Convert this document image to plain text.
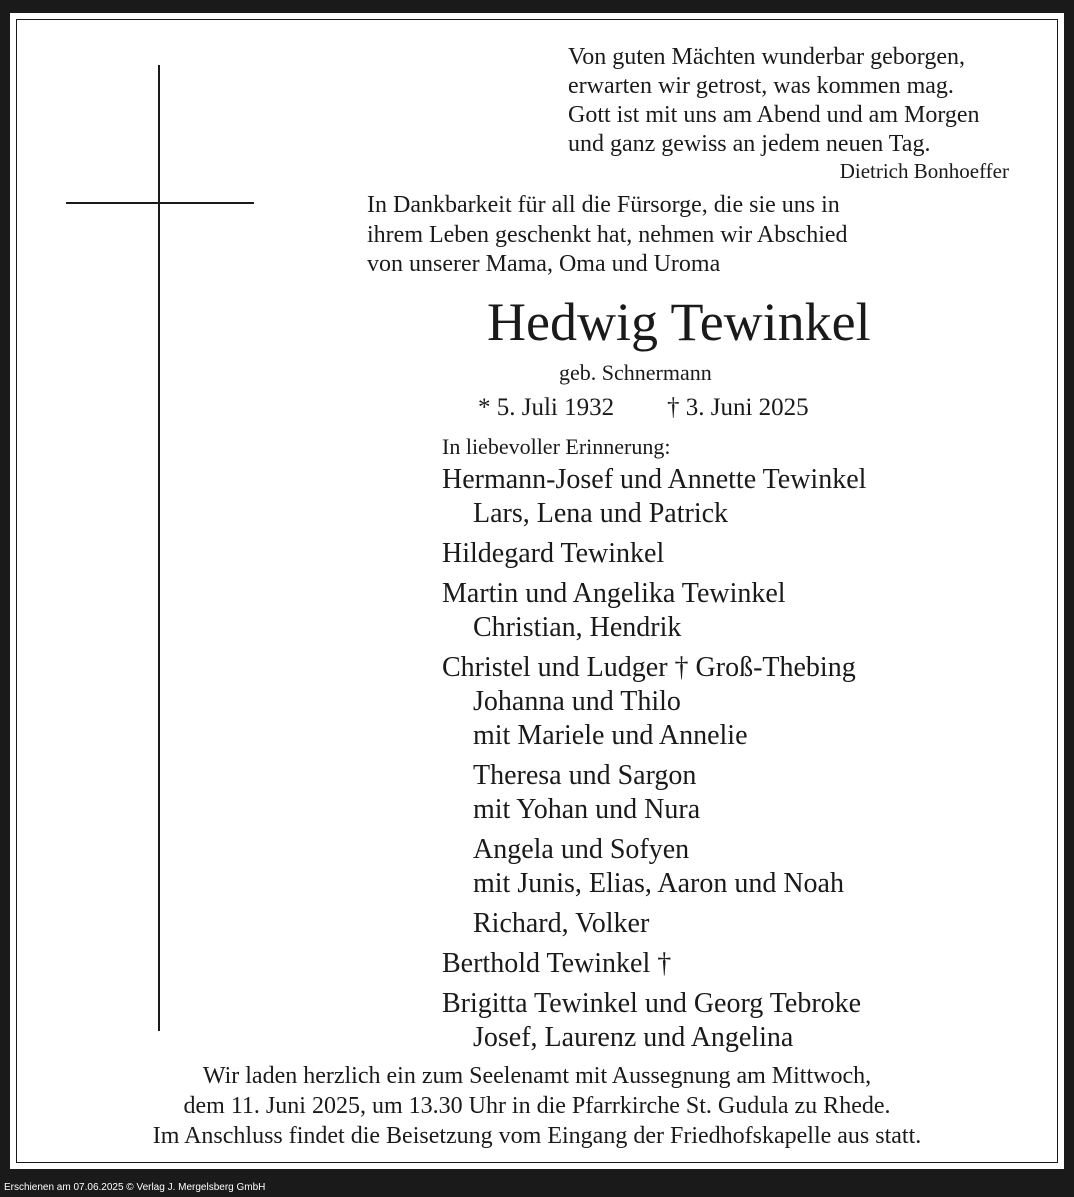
Von guten Mächten wunderbar geborgen,
erwarten wir getrost, was kommen mag.
Gott ist mit uns am Abend und am Morgen
und ganz gewiss an jedem neuen Tag.
Dietrich Bonhoeffer
In Dankbarkeit für all die Fürsorge, die sie uns in
ihrem Leben geschenkt hat, nehmen wir Abschied
von unserer Mama, Oma und Uroma
Hedwig Tewinkel
geb. Schnermann
* 5. Juli 1932 † 3. Juni 2025
In liebevoller Erinnerung:
Hermann-Josef und Annette Tewinkel
Lars, Lena und Patrick
Hildegard Tewinkel
Martin und Angelika Tewinkel
Christian, Hendrik
Christel und Ludger † Groß-Thebing
Johanna und Thilo
mit Mariele und Annelie
Theresa und Sargon
mit Yohan und Nura
Angela und Sofyen
mit Junis, Elias, Aaron und Noah
Richard, Volker
Berthold Tewinkel †
Brigitta Tewinkel und Georg Tebroke
Josef, Laurenz und Angelina
Wir laden herzlich ein zum Seelenamt mit Aussegnung am Mittwoch,
dem 11. Juni 2025, um 13.30 Uhr in die Pfarrkirche St. Gudula zu Rhede.
Im Anschluss findet die Beisetzung vom Eingang der Friedhofskapelle aus statt.
Erschienen am 07.06.2025 © Verlag J. Mergelsberg GmbH
